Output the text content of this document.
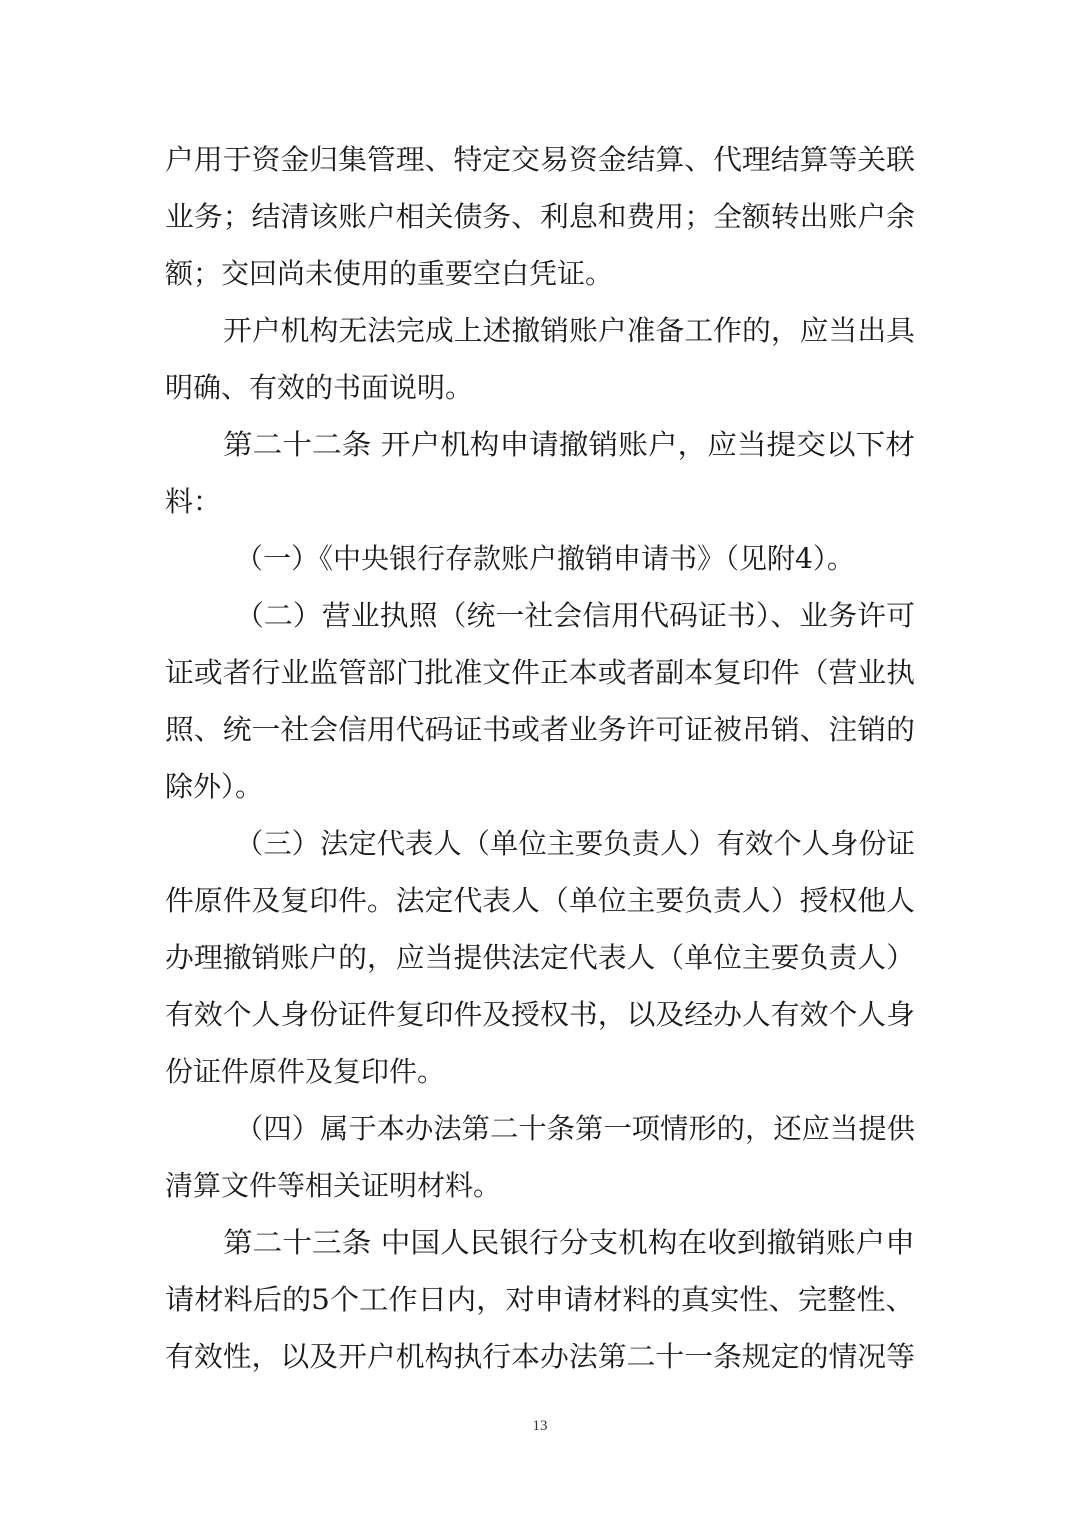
户用于资金归集管理、特定交易资金结算、代理结算等关联
业务；结清该账户相关债务、利息和费用；全额转出账户余
额；交回尚未使用的重要空白凭证。
开户机构无法完成上述撤销账户准备工作的，应当出具
明确、有效的书面说明。
第二十二条 开户机构申请撤销账户，应当提交以下材
料：
（一）《中央银行存款账户撤销申请书》（见附4）。
（二）营业执照（统一社会信用代码证书）、业务许可
证或者行业监管部门批准文件正本或者副本复印件（营业执
照、统一社会信用代码证书或者业务许可证被吊销、注销的
除外）。
（三）法定代表人（单位主要负责人）有效个人身份证
件原件及复印件。法定代表人（单位主要负责人）授权他人
办理撤销账户的，应当提供法定代表人（单位主要负责人）
有效个人身份证件复印件及授权书，以及经办人有效个人身
份证件原件及复印件。
（四）属于本办法第二十条第一项情形的，还应当提供
清算文件等相关证明材料。
第二十三条 中国人民银行分支机构在收到撤销账户申
请材料后的5个工作日内，对申请材料的真实性、完整性、
有效性，以及开户机构执行本办法第二十一条规定的情况等
13
